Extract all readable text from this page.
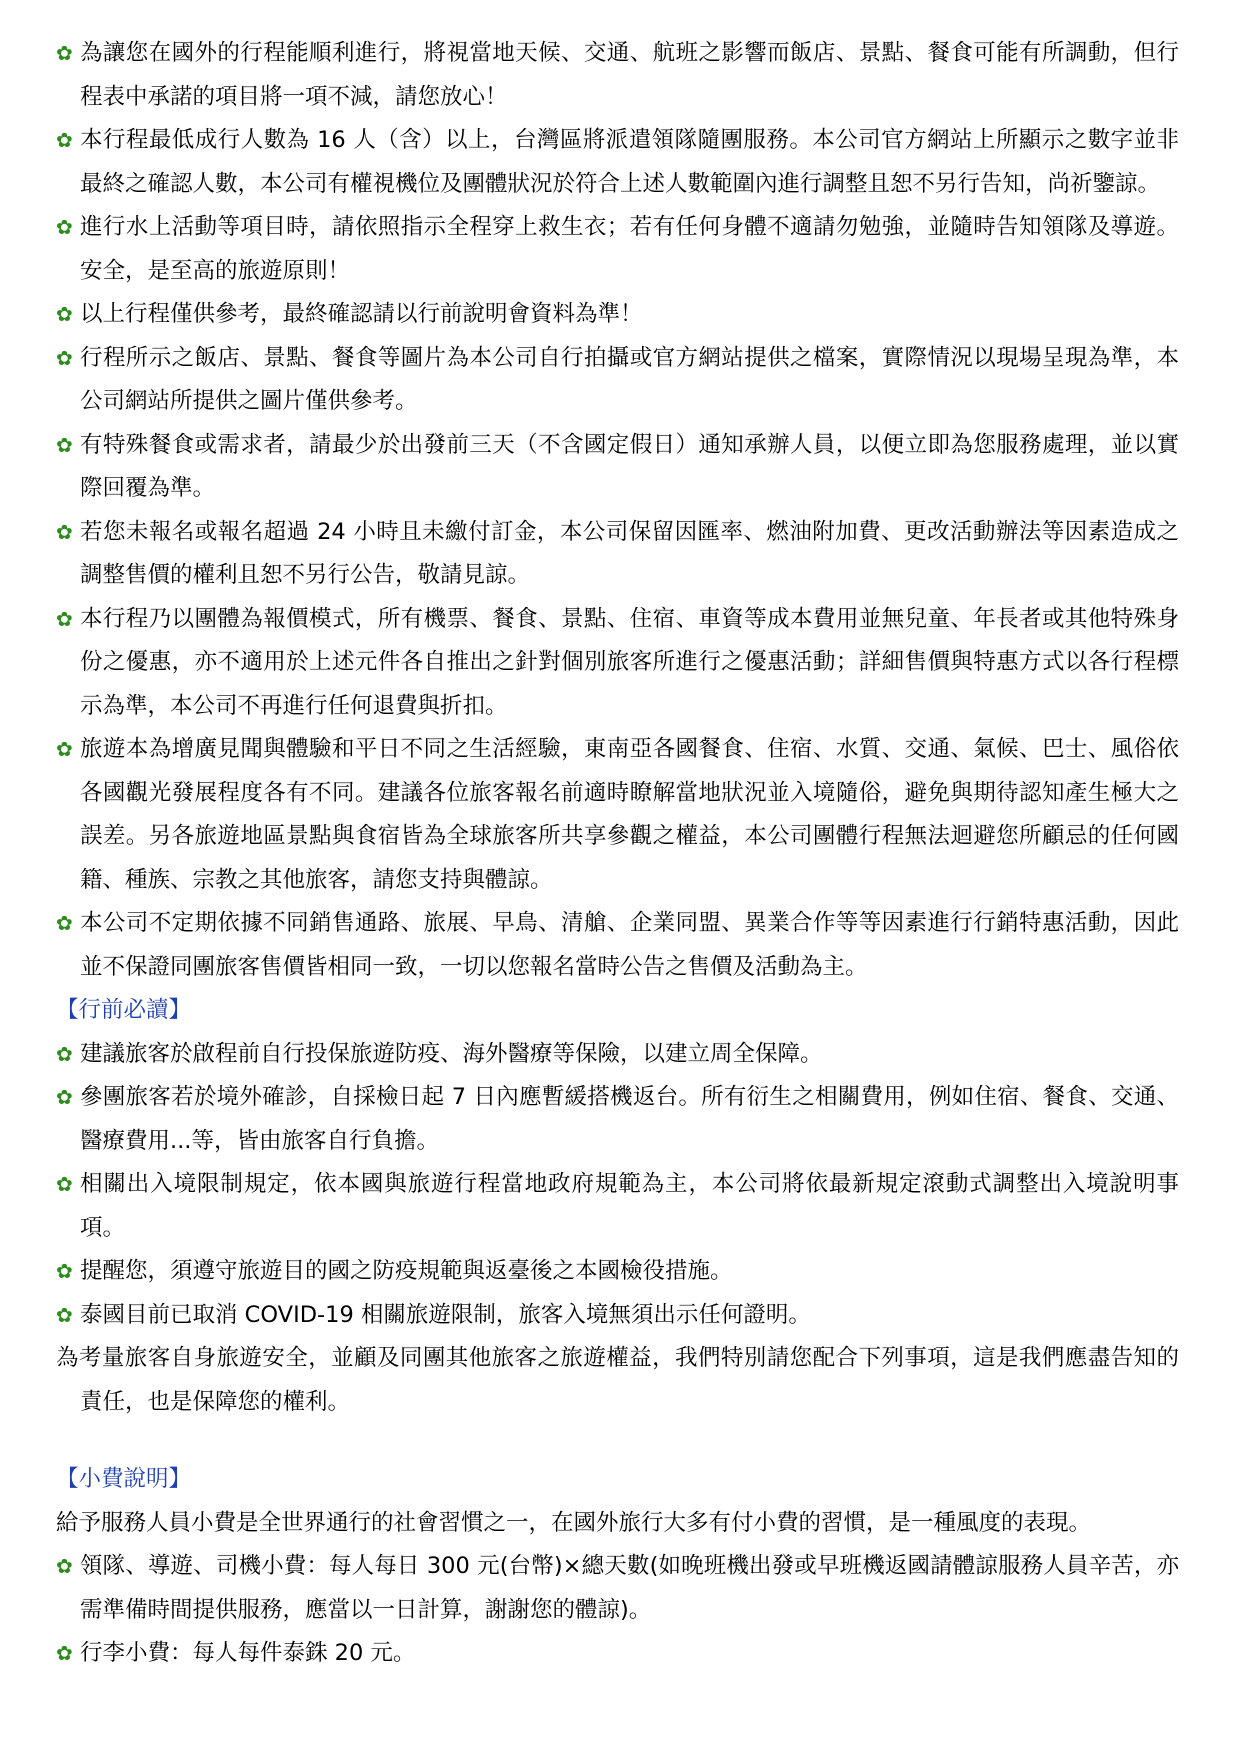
✿ 為讓您在國外的行程能順利進行，將視當地天候、交通、航班之影響而飯店、景點、餐食可能有所調動，但行程表中承諾的項目將一項不減，請您放心！
✿ 本行程最低成行人數為 16 人（含）以上，台灣區將派遣領隊隨團服務。本公司官方網站上所顯示之數字並非最終之確認人數，本公司有權視機位及團體狀況於符合上述人數範圍內進行調整且恕不另行告知，尚祈鑒諒。
✿ 進行水上活動等項目時，請依照指示全程穿上救生衣；若有任何身體不適請勿勉強，並隨時告知領隊及導遊。安全，是至高的旅遊原則！
✿ 以上行程僅供參考，最終確認請以行前說明會資料為準！
✿ 行程所示之飯店、景點、餐食等圖片為本公司自行拍攝或官方網站提供之檔案，實際情況以現場呈現為準，本公司網站所提供之圖片僅供參考。
✿ 有特殊餐食或需求者，請最少於出發前三天（不含國定假日）通知承辦人員，以便立即為您服務處理，並以實際回覆為準。
✿ 若您未報名或報名超過 24 小時且未繳付訂金，本公司保留因匯率、燃油附加費、更改活動辦法等因素造成之調整售價的權利且恕不另行公告，敬請見諒。
✿ 本行程乃以團體為報價模式，所有機票、餐食、景點、住宿、車資等成本費用並無兒童、年長者或其他特殊身份之優惠，亦不適用於上述元件各自推出之針對個別旅客所進行之優惠活動；詳細售價與特惠方式以各行程標示為準，本公司不再進行任何退費與折扣。
✿ 旅遊本為增廣見聞與體驗和平日不同之生活經驗，東南亞各國餐食、住宿、水質、交通、氣候、巴士、風俗依各國觀光發展程度各有不同。建議各位旅客報名前適時瞭解當地狀況並入境隨俗，避免與期待認知產生極大之誤差。另各旅遊地區景點與食宿皆為全球旅客所共享參觀之權益，本公司團體行程無法迴避您所顧忌的任何國籍、種族、宗教之其他旅客，請您支持與體諒。
✿ 本公司不定期依據不同銷售通路、旅展、早鳥、清艙、企業同盟、異業合作等等因素進行行銷特惠活動，因此並不保證同團旅客售價皆相同一致，一切以您報名當時公告之售價及活動為主。
【行前必讀】
✿ 建議旅客於啟程前自行投保旅遊防疫、海外醫療等保險，以建立周全保障。
✿ 參團旅客若於境外確診，自採檢日起 7 日內應暫緩搭機返台。所有衍生之相關費用，例如住宿、餐食、交通、醫療費用...等，皆由旅客自行負擔。
✿ 相關出入境限制規定，依本國與旅遊行程當地政府規範為主，本公司將依最新規定滾動式調整出入境說明事項。
✿ 提醒您，須遵守旅遊目的國之防疫規範與返臺後之本國檢役措施。
✿ 泰國目前已取消 COVID-19 相關旅遊限制，旅客入境無須出示任何證明。
為考量旅客自身旅遊安全，並顧及同團其他旅客之旅遊權益，我們特別請您配合下列事項，這是我們應盡告知的責任，也是保障您的權利。
【小費說明】
給予服務人員小費是全世界通行的社會習慣之一，在國外旅行大多有付小費的習慣，是一種風度的表現。
✿ 領隊、導遊、司機小費：每人每日 300 元(台幣)×總天數(如晚班機出發或早班機返國請體諒服務人員辛苦，亦需準備時間提供服務，應當以一日計算，謝謝您的體諒)。
✿ 行李小費：每人每件泰銖 20 元。
